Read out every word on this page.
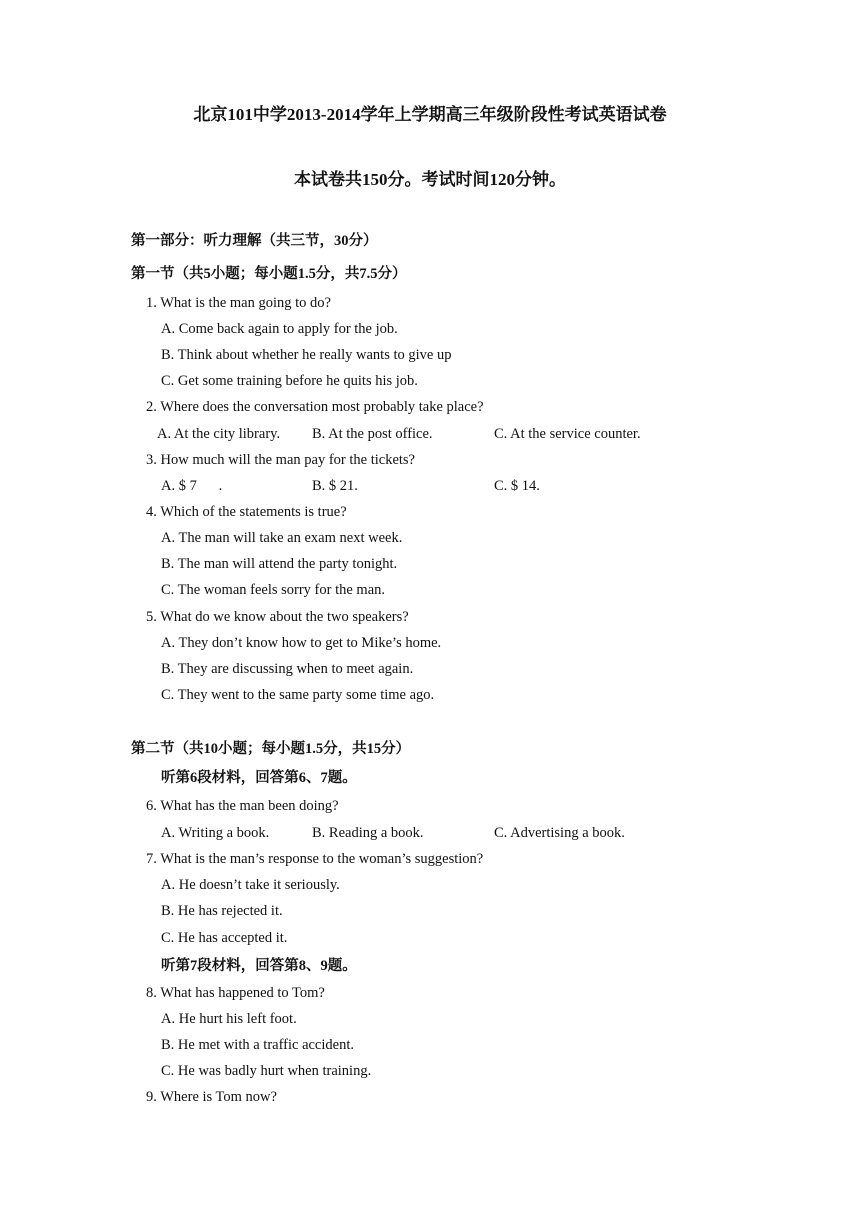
北京101中学2013-2014学年上学期高三年级阶段性考试英语试卷
本试卷共150分。考试时间120分钟。
第一部分：听力理解（共三节，30分）
第一节（共5小题；每小题1.5分，共7.5分）
1. What is the man going to do?
A. Come back again to apply for the job.
B. Think about whether he really wants to give up
C. Get some training before he quits his job.
2. Where does the conversation most probably take place?
A. At the city library. B. At the post office.	C. At the service counter.
3. How much will the man pay for the tickets?
A. $ 7      .	B. $ 21.	C. $ 14.
4. Which of the statements is true?
A. The man will take an exam next week.
B. The man will attend the party tonight.
C. The woman feels sorry for the man.
5. What do we know about the two speakers?
A. They don’t know how to get to Mike’s home.
B. They are discussing when to meet again.
C. They went to the same party some time ago.
第二节（共10小题；每小题1.5分，共15分）
听第6段材料，回答第6、7题。
6. What has the man been doing?
A. Writing a book.	B. Reading a book.	C. Advertising a book.
7. What is the man’s response to the woman’s suggestion?
A. He doesn’t take it seriously.
B. He has rejected it.
C. He has accepted it.
听第7段材料，回答第8、9题。
8. What has happened to Tom?
A. He hurt his left foot.
B. He met with a traffic accident.
C. He was badly hurt when training.
9. Where is Tom now?
